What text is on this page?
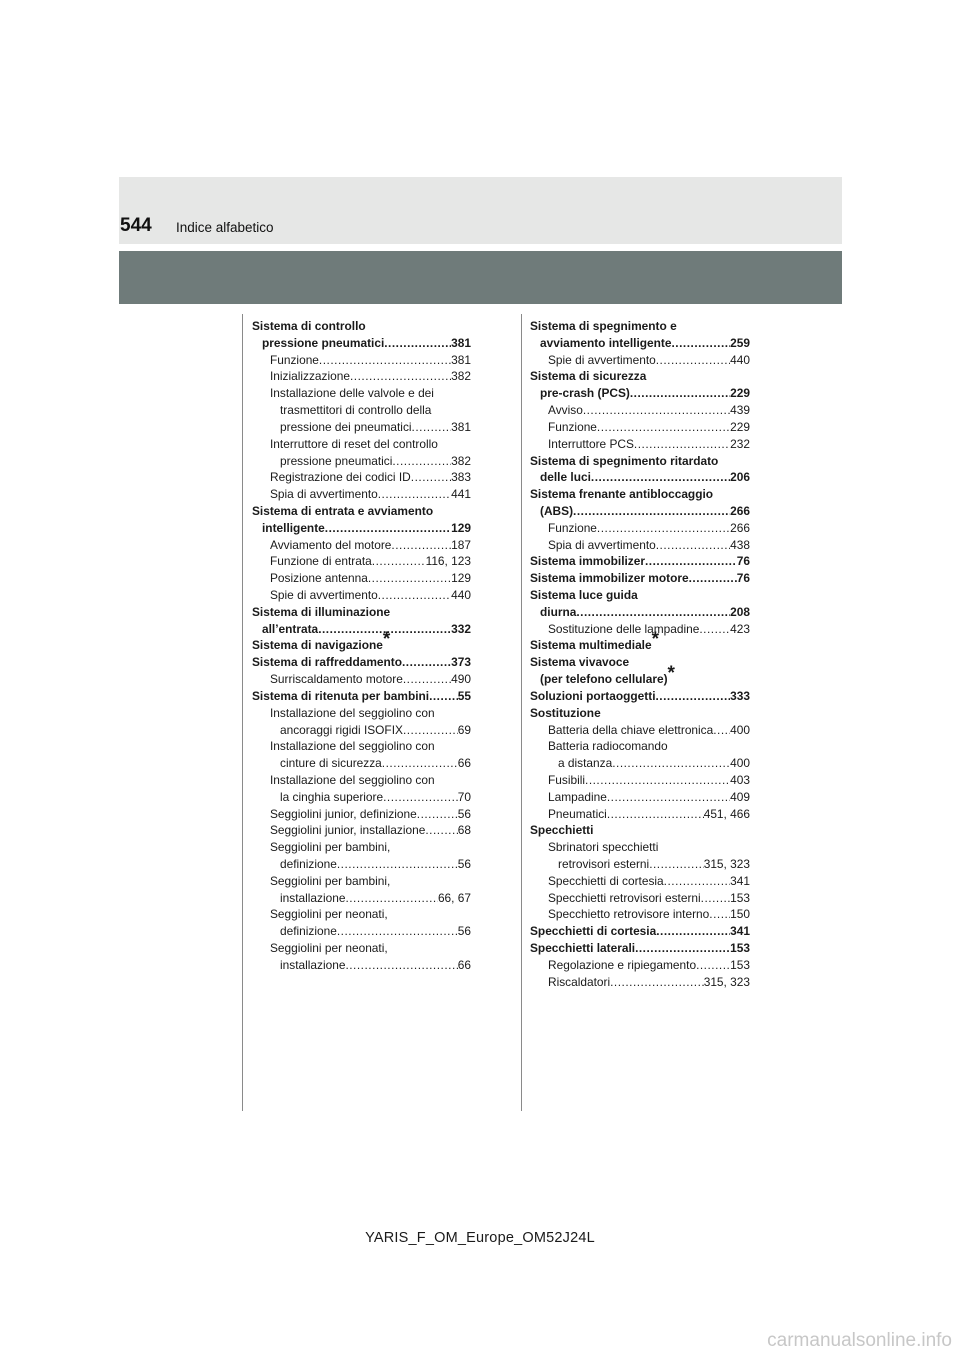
544 Indice alfabetico
Sistema di controllo
pressione pneumatici .....	381
Funzione .....	381
Inizializzazione .....	382
Installazione delle valvole e dei
trasmettitori di controllo della
pressione dei pneumatici .....	381
Interruttore di reset del controllo
pressione pneumatici .....	382
Registrazione dei codici ID .....	383
Spia di avvertimento .....	441
Sistema di entrata e avviamento
intelligente .....	129
Avviamento del motore .....	187
Funzione di entrata .....	116, 123
Posizione antenna .....	129
Spie di avvertimento .....	440
Sistema di illuminazione
all’entrata .....	332
Sistema di navigazione*
Sistema di raffreddamento .....	373
Surriscaldamento motore .....	490
Sistema di ritenuta per bambini ..... 55
Installazione del seggiolino con
ancoraggi rigidi ISOFIX .....	69
Installazione del seggiolino con
cinture di sicurezza .....	66
Installazione del seggiolino con
la cinghia superiore .....	70
Seggiolini junior, definizione .....	56
Seggiolini junior, installazione .....	68
Seggiolini per bambini,
definizione .....	56
Seggiolini per bambini,
installazione .....	66, 67
Seggiolini per neonati,
definizione .....	56
Seggiolini per neonati,
installazione .....	66
Sistema di spegnimento e
avviamento intelligente .....	259
Spie di avvertimento .....	440
Sistema di sicurezza
pre-crash (PCS) .....	229
Avviso .....	439
Funzione .....	229
Interruttore PCS .....	232
Sistema di spegnimento ritardato
delle luci .....	206
Sistema frenante antibloccaggio
(ABS) .....	266
Funzione .....	266
Spia di avvertimento .....	438
Sistema immobilizer .....	76
Sistema immobilizer motore .....	76
Sistema luce guida
diurna .....	208
Sostituzione delle lampadine .....	423
Sistema multimediale*
Sistema vivavoce
(per telefono cellulare)*
Soluzioni portaoggetti .....	333
Sostituzione
Batteria della chiave elettronica ..... 400
Batteria radiocomando
a distanza .....	400
Fusibili .....	403
Lampadine .....	409
Pneumatici .....	451, 466
Specchietti
Sbrinatori specchietti
retrovisori esterni .....	315, 323
Specchietti di cortesia .....	341
Specchietti retrovisori esterni ..... 153
Specchietto retrovisore interno ..... 150
Specchietti di cortesia .....	341
Specchietti laterali .....	153
Regolazione e ripiegamento .....	153
Riscaldatori .....	315, 323
YARIS_F_OM_Europe_OM52J24L
carmanualsonline.info
